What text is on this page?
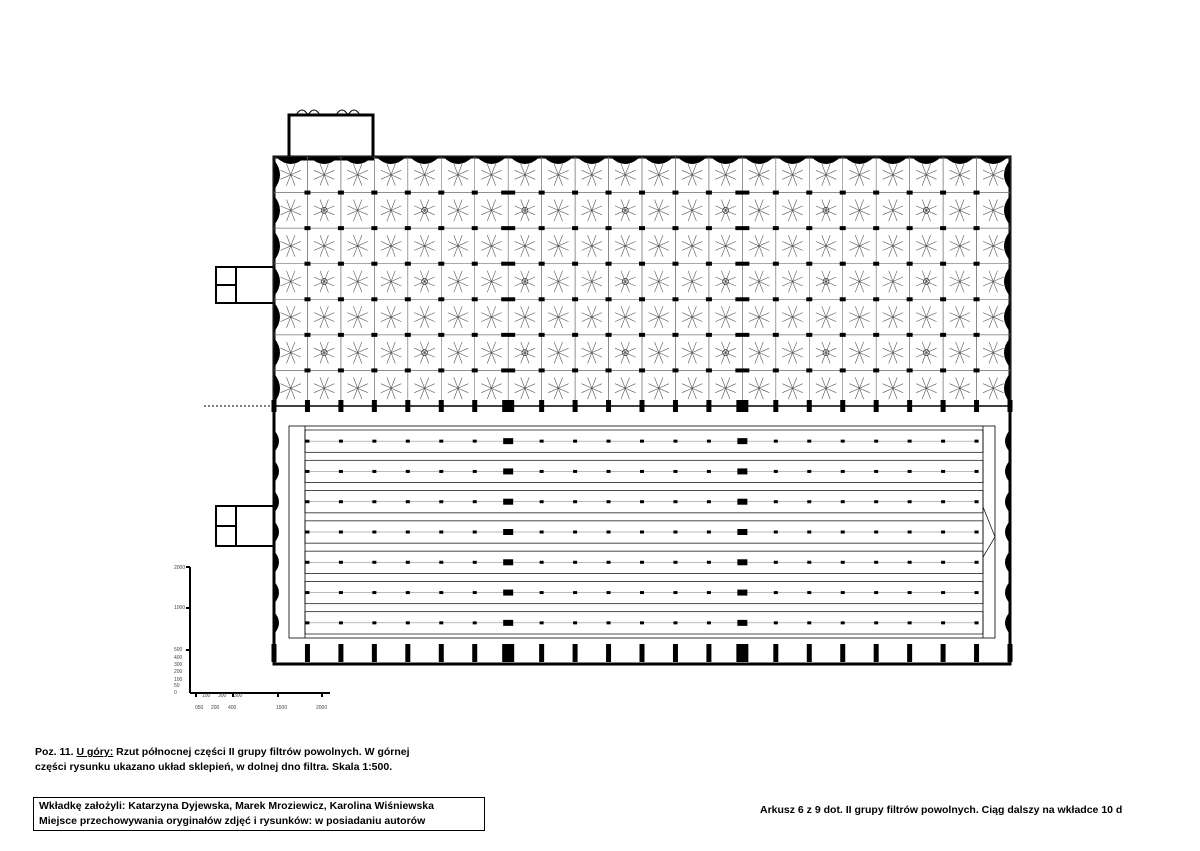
2000
1000
500
400
300
200
100
50
0	100 300 300
050 200 400	1500	2000
Poz. 11. U góry: Rzut północnej części II grupy filtrów powolnych. W górnej
części rysunku ukazano układ sklepień, w dolnej dno filtra. Skala 1:500.
Wkładkę założyli: Katarzyna Dyjewska, Marek Mroziewicz, Karolina Wiśniewska
Miejsce przechowywania oryginałów zdjęć i rysunków: w posiadaniu autorów
Arkusz 6 z 9 dot. II grupy filtrów powolnych. Ciąg dalszy na wkładce 10 d
